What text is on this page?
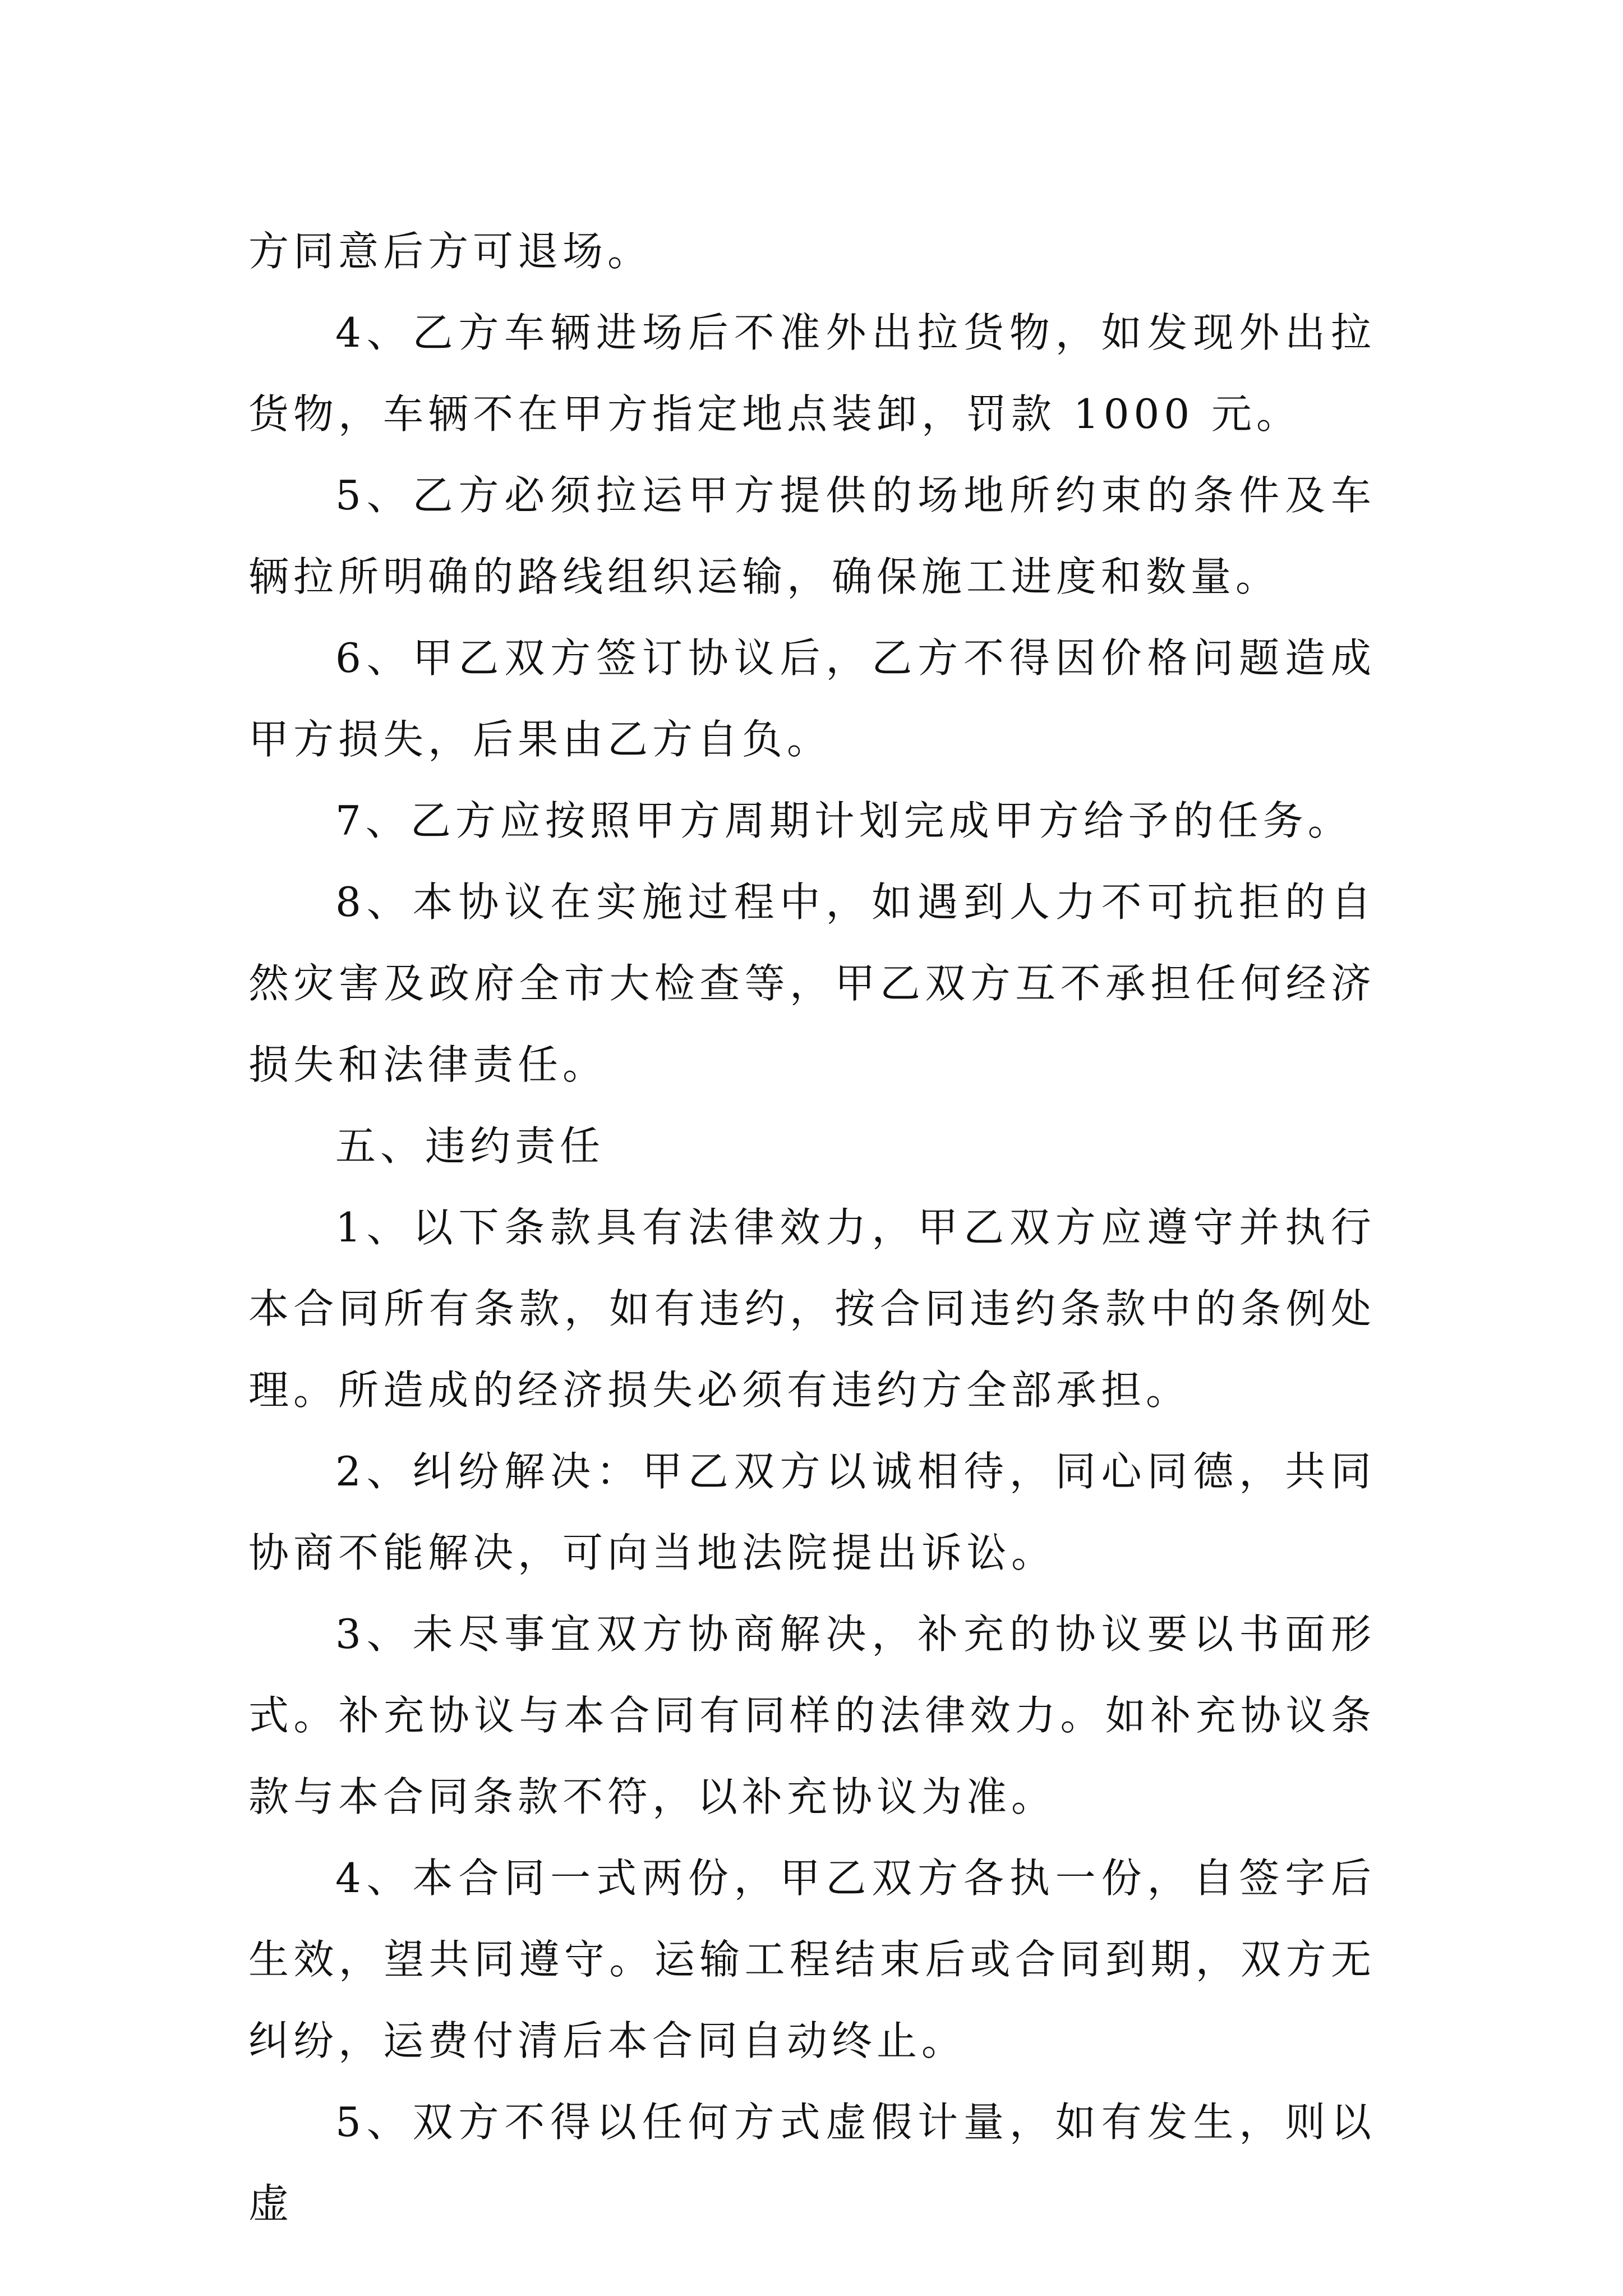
方同意后方可退场。

4、乙方车辆进场后不准外出拉货物，如发现外出拉货物，车辆不在甲方指定地点装卸，罚款 1000 元。

5、乙方必须拉运甲方提供的场地所约束的条件及车辆拉所明确的路线组织运输，确保施工进度和数量。

6、甲乙双方签订协议后，乙方不得因价格问题造成甲方损失，后果由乙方自负。

7、乙方应按照甲方周期计划完成甲方给予的任务。

8、本协议在实施过程中，如遇到人力不可抗拒的自然灾害及政府全市大检查等，甲乙双方互不承担任何经济损失和法律责任。

五、违约责任

1、以下条款具有法律效力，甲乙双方应遵守并执行本合同所有条款，如有违约，按合同违约条款中的条例处理。所造成的经济损失必须有违约方全部承担。

2、纠纷解决：甲乙双方以诚相待，同心同德，共同协商不能解决，可向当地法院提出诉讼。

3、未尽事宜双方协商解决，补充的协议要以书面形式。补充协议与本合同有同样的法律效力。如补充协议条款与本合同条款不符，以补充协议为准。

4、本合同一式两份，甲乙双方各执一份，自签字后生效，望共同遵守。运输工程结束后或合同到期，双方无纠纷，运费付清后本合同自动终止。

5、双方不得以任何方式虚假计量，如有发生，则以虚
